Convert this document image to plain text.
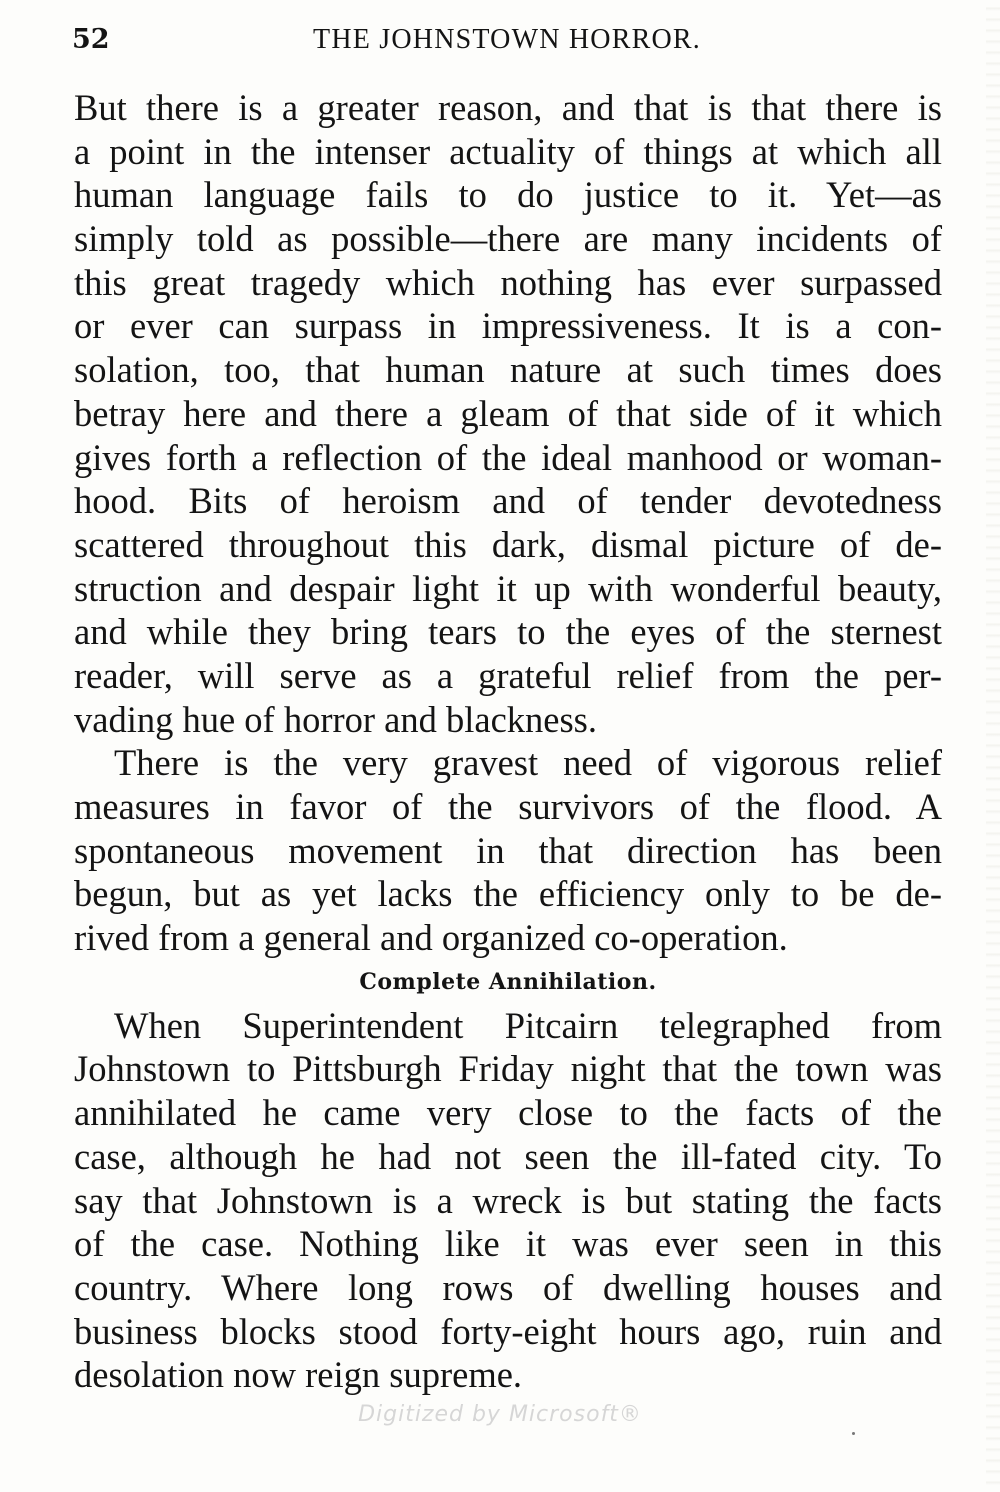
52	THE JOHNSTOWN HORROR.
But there is a greater reason, and that is that there is
a point in the intenser actuality of things at which all
human language fails to do justice to it. Yet—as
simply told as possible—there are many incidents of
this great tragedy which nothing has ever surpassed
or ever can surpass in impressiveness. It is a con-
solation, too, that human nature at such times does
betray here and there a gleam of that side of it which
gives forth a reflection of the ideal manhood or woman-
hood. Bits of heroism and of tender devotedness
scattered throughout this dark, dismal picture of de-
struction and despair light it up with wonderful beauty,
and while they bring tears to the eyes of the sternest
reader, will serve as a grateful relief from the per-
vading hue of horror and blackness.
There is the very gravest need of vigorous relief
measures in favor of the survivors of the flood. A
spontaneous movement in that direction has been
begun, but as yet lacks the efficiency only to be de-
rived from a general and organized co-operation.
Complete Annihilation.
When Superintendent Pitcairn telegraphed from
Johnstown to Pittsburgh Friday night that the town was
annihilated he came very close to the facts of the
case, although he had not seen the ill-fated city. To
say that Johnstown is a wreck is but stating the facts
of the case. Nothing like it was ever seen in this
country. Where long rows of dwelling houses and
business blocks stood forty-eight hours ago, ruin and
desolation now reign supreme.
Digitized by Microsoft®
